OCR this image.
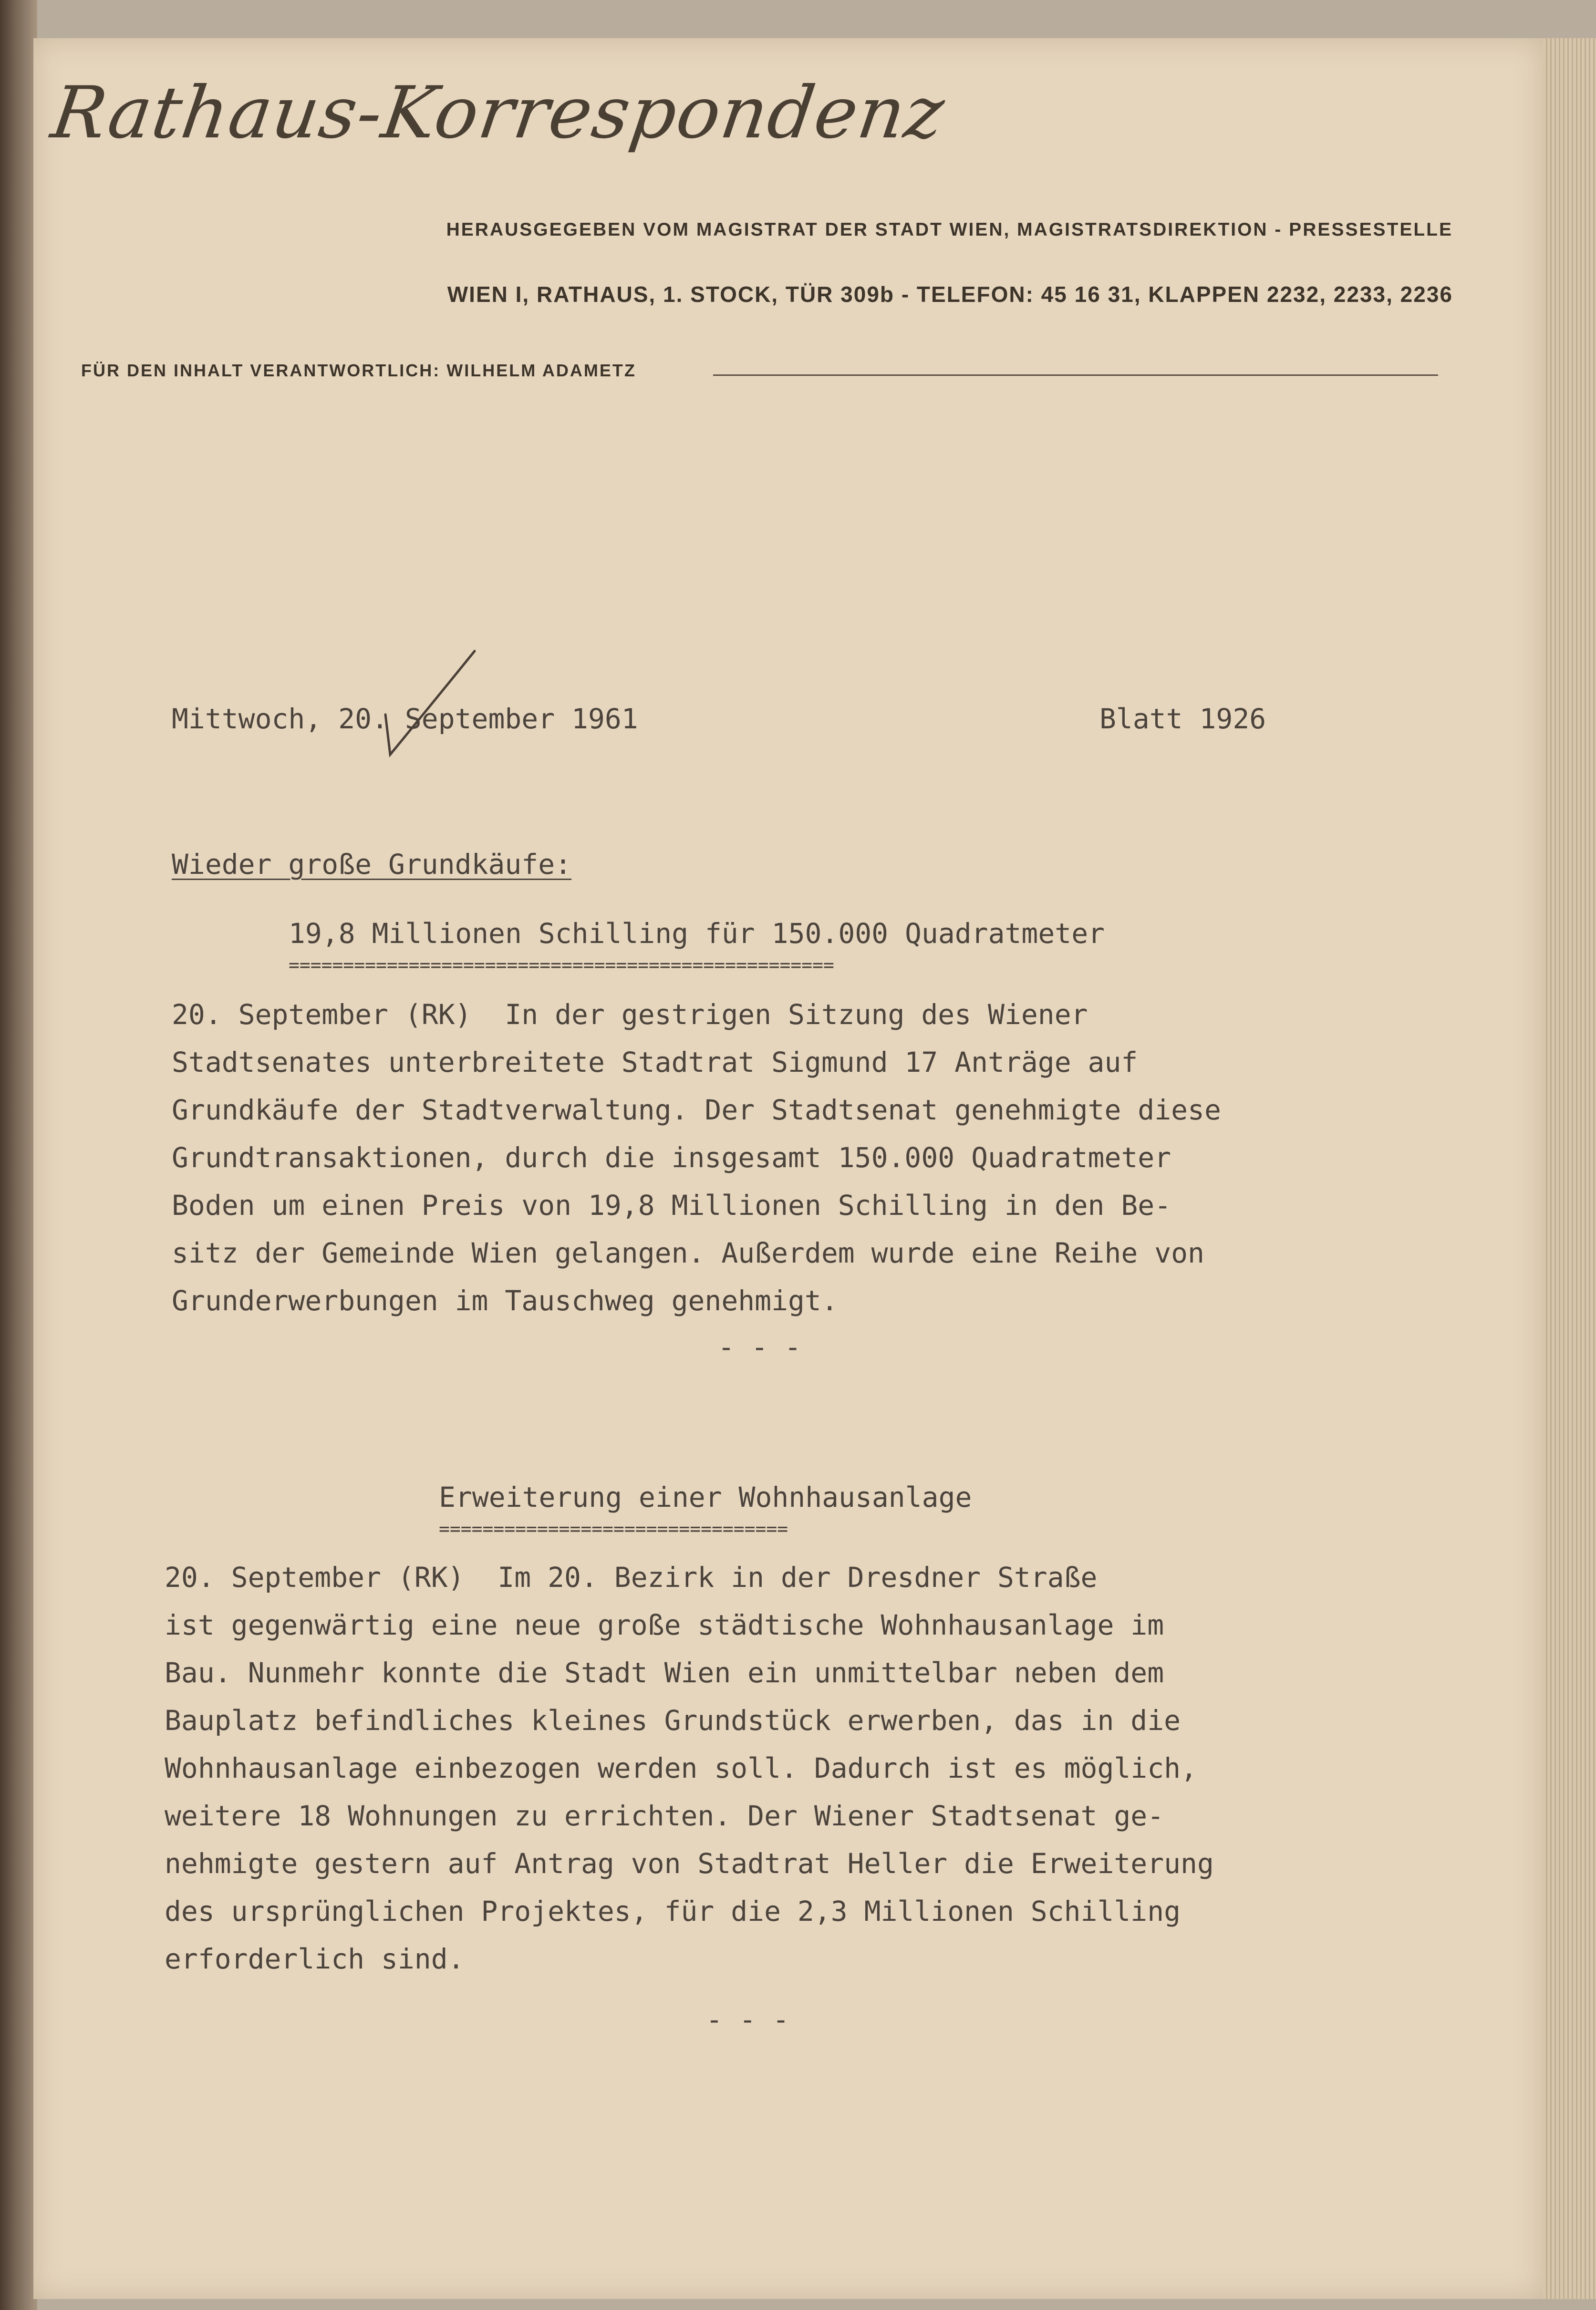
Rathaus-Korrespondenz
HERAUSGEGEBEN VOM MAGISTRAT DER STADT WIEN, MAGISTRATSDIREKTION - PRESSESTELLE
WIEN I, RATHAUS, 1. STOCK, TÜR 309b - TELEFON: 45 16 31, KLAPPEN 2232, 2233, 2236
FÜR DEN INHALT VERANTWORTLICH: WILHELM ADAMETZ
Mittwoch, 20. September 1961	Blatt 1926
Wieder große Grundkäufe:
19,8 Millionen Schilling für 150.000 Quadratmeter
==================================================
20. September (RK)  In der gestrigen Sitzung des Wiener
Stadtsenates unterbreitete Stadtrat Sigmund 17 Anträge auf
Grundkäufe der Stadtverwaltung. Der Stadtsenat genehmigte diese
Grundtransaktionen, durch die insgesamt 150.000 Quadratmeter
Boden um einen Preis von 19,8 Millionen Schilling in den Be-
sitz der Gemeinde Wien gelangen. Außerdem wurde eine Reihe von
Grunderwerbungen im Tauschweg genehmigt.
- - -
Erweiterung einer Wohnhausanlage
================================
20. September (RK)  Im 20. Bezirk in der Dresdner Straße
ist gegenwärtig eine neue große städtische Wohnhausanlage im
Bau. Nunmehr konnte die Stadt Wien ein unmittelbar neben dem
Bauplatz befindliches kleines Grundstück erwerben, das in die
Wohnhausanlage einbezogen werden soll. Dadurch ist es möglich,
weitere 18 Wohnungen zu errichten. Der Wiener Stadtsenat ge-
nehmigte gestern auf Antrag von Stadtrat Heller die Erweiterung
des ursprünglichen Projektes, für die 2,3 Millionen Schilling
erforderlich sind.
- - -
